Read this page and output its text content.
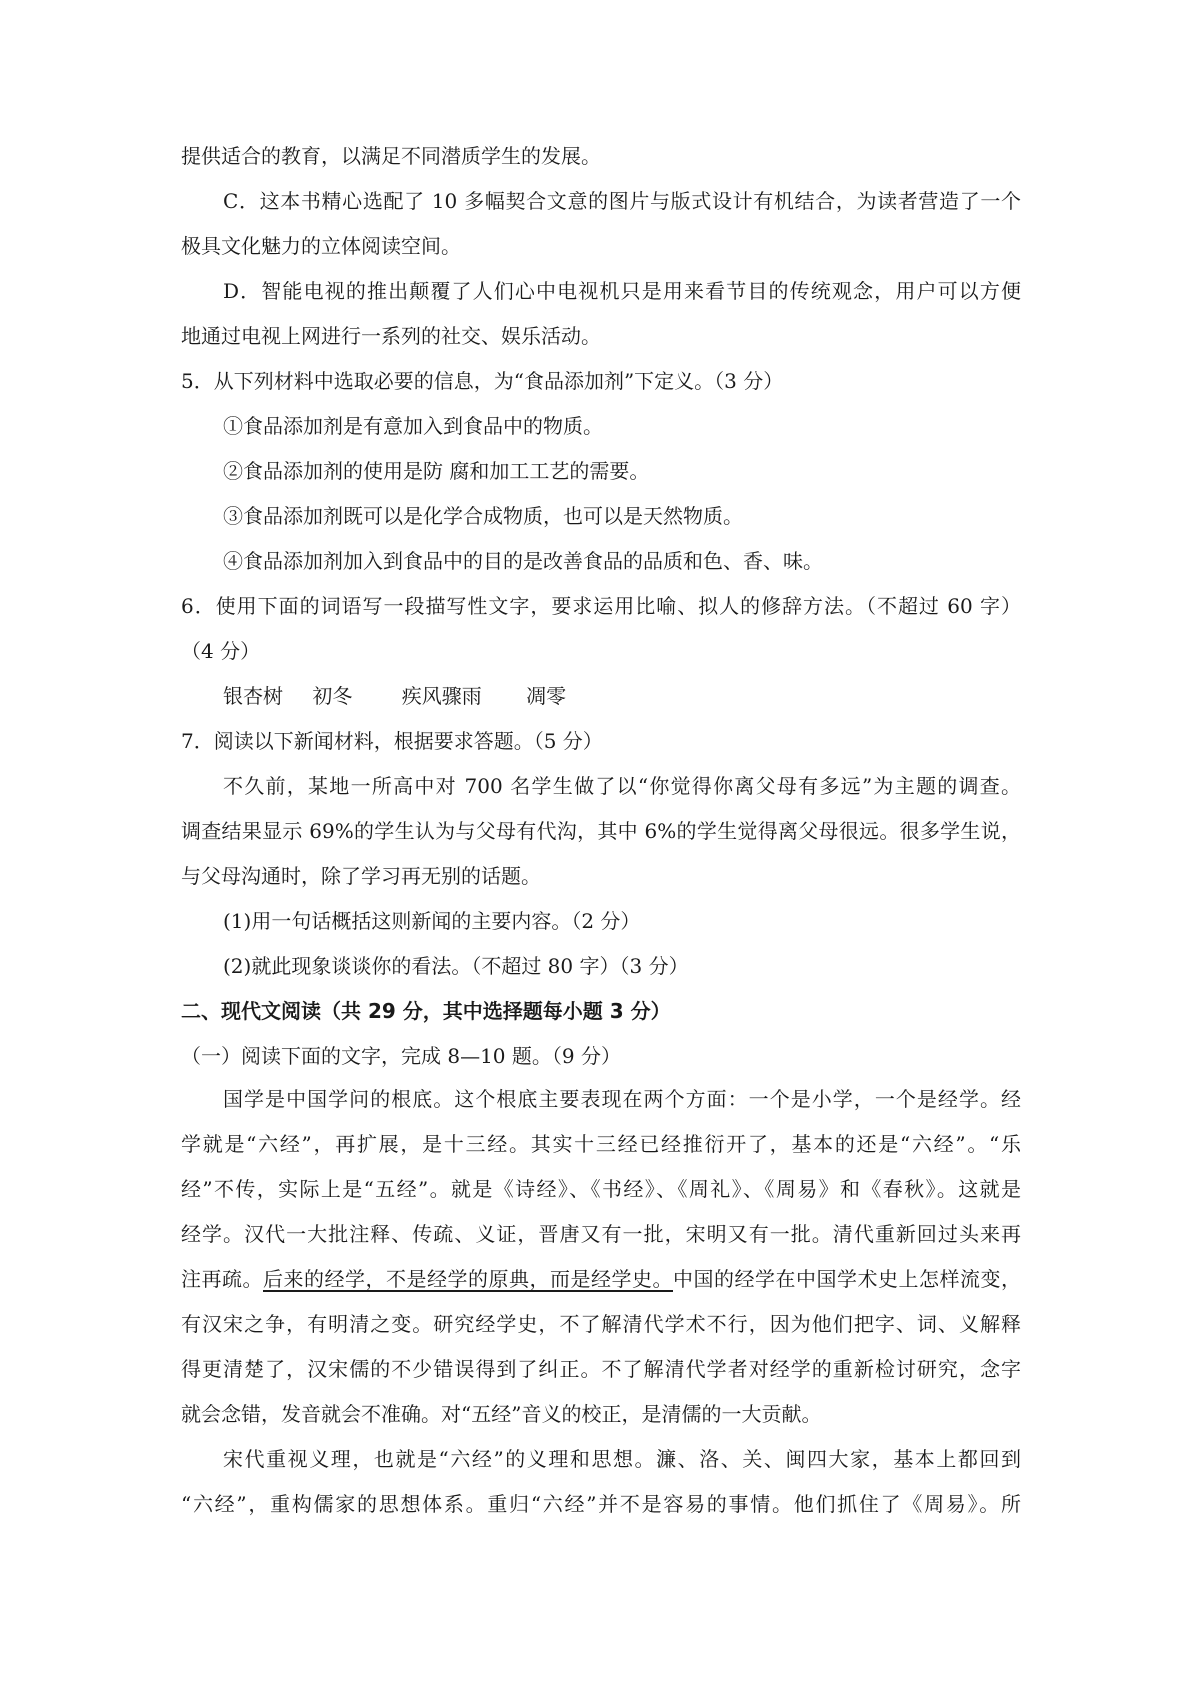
提供适合的教育，以满足不同潜质学生的发展。
C．这本书精心选配了 10 多幅契合文意的图片与版式设计有机结合，为读者营造了一个
极具文化魅力的立体阅读空间。
D．智能电视的推出颠覆了人们心中电视机只是用来看节目的传统观念，用户可以方便
地通过电视上网进行一系列的社交、娱乐活动。
5．从下列材料中选取必要的信息，为“食品添加剂”下定义。（3 分）
①食品添加剂是有意加入到食品中的物质。
②食品添加剂的使用是防 腐和加工工艺的需要。
③食品添加剂既可以是化学合成物质，也可以是天然物质。
④食品添加剂加入到食品中的目的是改善食品的品质和色、香、味。
6．使用下面的词语写一段描写性文字，要求运用比喻、拟人的修辞方法。（不超过 60 字）
（4 分）
银杏树 初冬 疾风骤雨 凋零
7．阅读以下新闻材料，根据要求答题。（5 分）
不久前，某地一所高中对 700 名学生做了以“你觉得你离父母有多远”为主题的调查。
调查结果显示 69%的学生认为与父母有代沟，其中 6%的学生觉得离父母很远。很多学生说，
与父母沟通时，除了学习再无别的话题。
(1)用一句话概括这则新闻的主要内容。（2 分）
(2)就此现象谈谈你的看法。（不超过 80 字）（3 分）
二、现代文阅读（共 29 分，其中选择题每小题 3 分）
（一）阅读下面的文字，完成 8—10 题。（9 分）
国学是中国学问的根底。这个根底主要表现在两个方面：一个是小学，一个是经学。经
学就是“六经”，再扩展，是十三经。其实十三经已经推衍开了，基本的还是“六经”。“乐
经”不传，实际上是“五经”。就是《诗经》、《书经》、《周礼》、《周易》和《春秋》。这就是
经学。汉代一大批注释、传疏、义证，晋唐又有一批，宋明又有一批。清代重新回过头来再
注再疏。后来的经学，不是经学的原典，而是经学史。中国的经学在中国学术史上怎样流变，
有汉宋之争，有明清之变。研究经学史，不了解清代学术不行，因为他们把字、词、义解释
得更清楚了，汉宋儒的不少错误得到了纠正。不了解清代学者对经学的重新检讨研究，念字
就会念错，发音就会不准确。对“五经”音义的校正，是清儒的一大贡献。
宋代重视义理，也就是“六经”的义理和思想。濂、洛、关、闽四大家，基本上都回到
“六经”，重构儒家的思想体系。重归“六经”并不是容易的事情。他们抓住了《周易》。所
